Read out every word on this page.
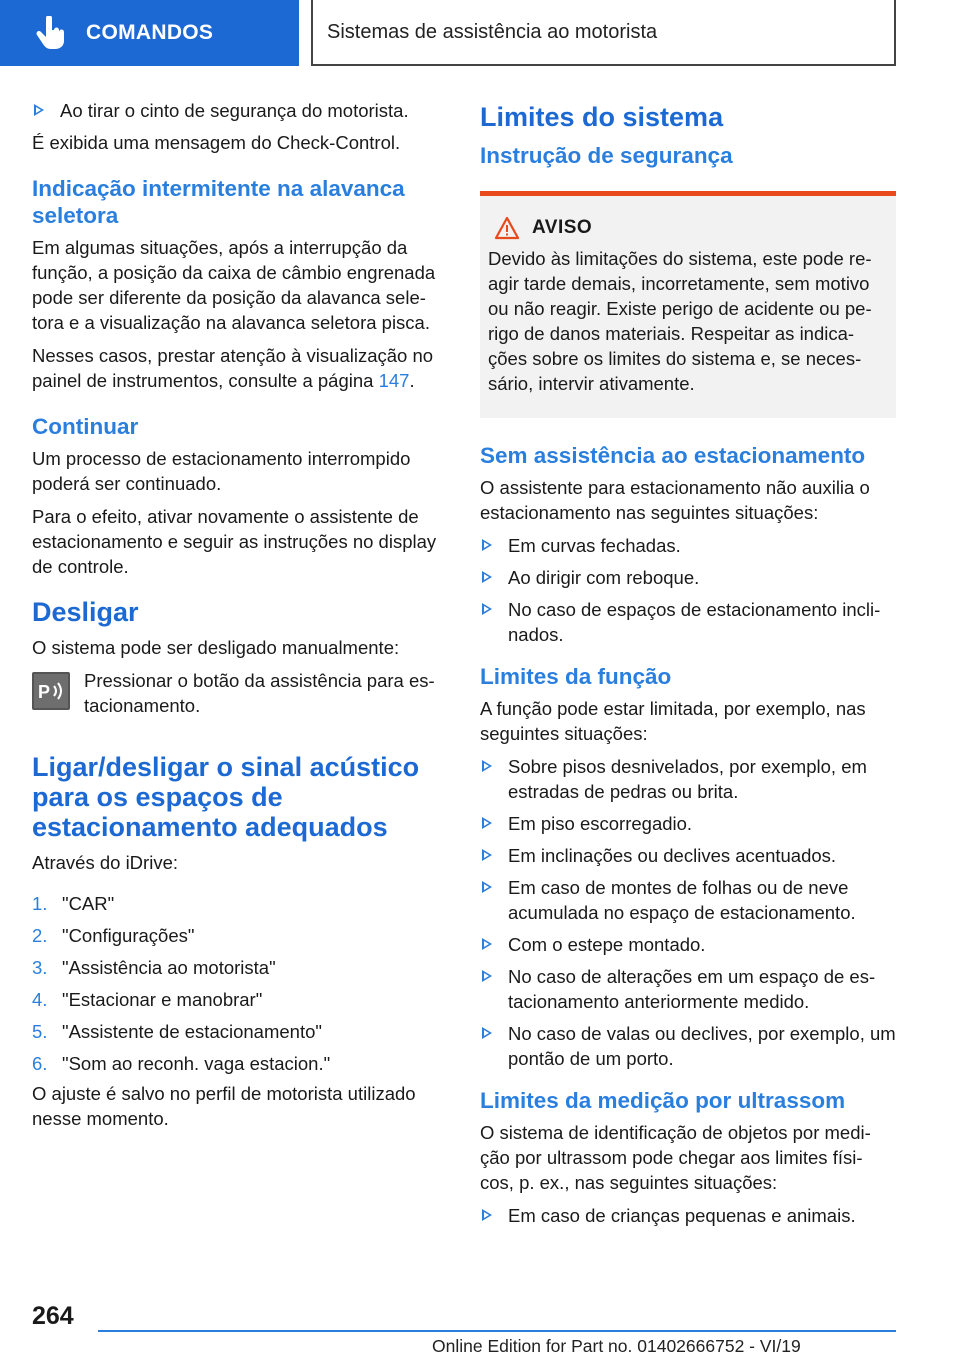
COMANDOS	Sistemas de assistência ao motorista
Ao tirar o cinto de segurança do motorista.

É exibida uma mensagem do Check-Control.

Indicação intermitente na alavanca seletora

Em algumas situações, após a interrupção da função, a posição da caixa de câmbio engrenada pode ser diferente da posição da alavanca sele-tora e a visualização na alavanca seletora pisca.

Nesses casos, prestar atenção à visualização no painel de instrumentos, consulte a página 147.

Continuar

Um processo de estacionamento interrompido poderá ser continuado.

Para o efeito, ativar novamente o assistente de estacionamento e seguir as instruções no display de controle.

Desligar

O sistema pode ser desligado manualmente:

P

Pressionar o botão da assistência para es-tacionamento.

Ligar/desligar o sinal acústico para os espaços de estacionamento adequados

Através do iDrive:

1. "CAR"
2. "Configurações"
3. "Assistência ao motorista"
4. "Estacionar e manobrar"
5. "Assistente de estacionamento"
6. "Som ao reconh. vaga estacion."

O ajuste é salvo no perfil de motorista utilizado nesse momento.

Limites do sistema
Instrução de segurança
AVISO

Devido às limitações do sistema, este pode re-agir tarde demais, incorretamente, sem motivo ou não reagir. Existe perigo de acidente ou pe-rigo de danos materiais. Respeitar as indica-ções sobre os limites do sistema e, se neces-sário, intervir ativamente.

Sem assistência ao estacionamento

O assistente para estacionamento não auxilia o estacionamento nas seguintes situações:

Em curvas fechadas.
Ao dirigir com reboque.
No caso de espaços de estacionamento incli-nados.
Limites da função

A função pode estar limitada, por exemplo, nas seguintes situações:

Sobre pisos desnivelados, por exemplo, em estradas de pedras ou brita.
Em piso escorregadio.
Em inclinações ou declives acentuados.
Em caso de montes de folhas ou de neve acumulada no espaço de estacionamento.
Com o estepe montado.
No caso de alterações em um espaço de es-tacionamento anteriormente medido.
No caso de valas ou declives, por exemplo, um pontão de um porto.
Limites da medição por ultrassom

O sistema de identificação de objetos por medi-ção por ultrassom pode chegar aos limites físi-cos, p. ex., nas seguintes situações:

Em caso de crianças pequenas e animais.
264
Online Edition for Part no. 01402666752 - VI/19
